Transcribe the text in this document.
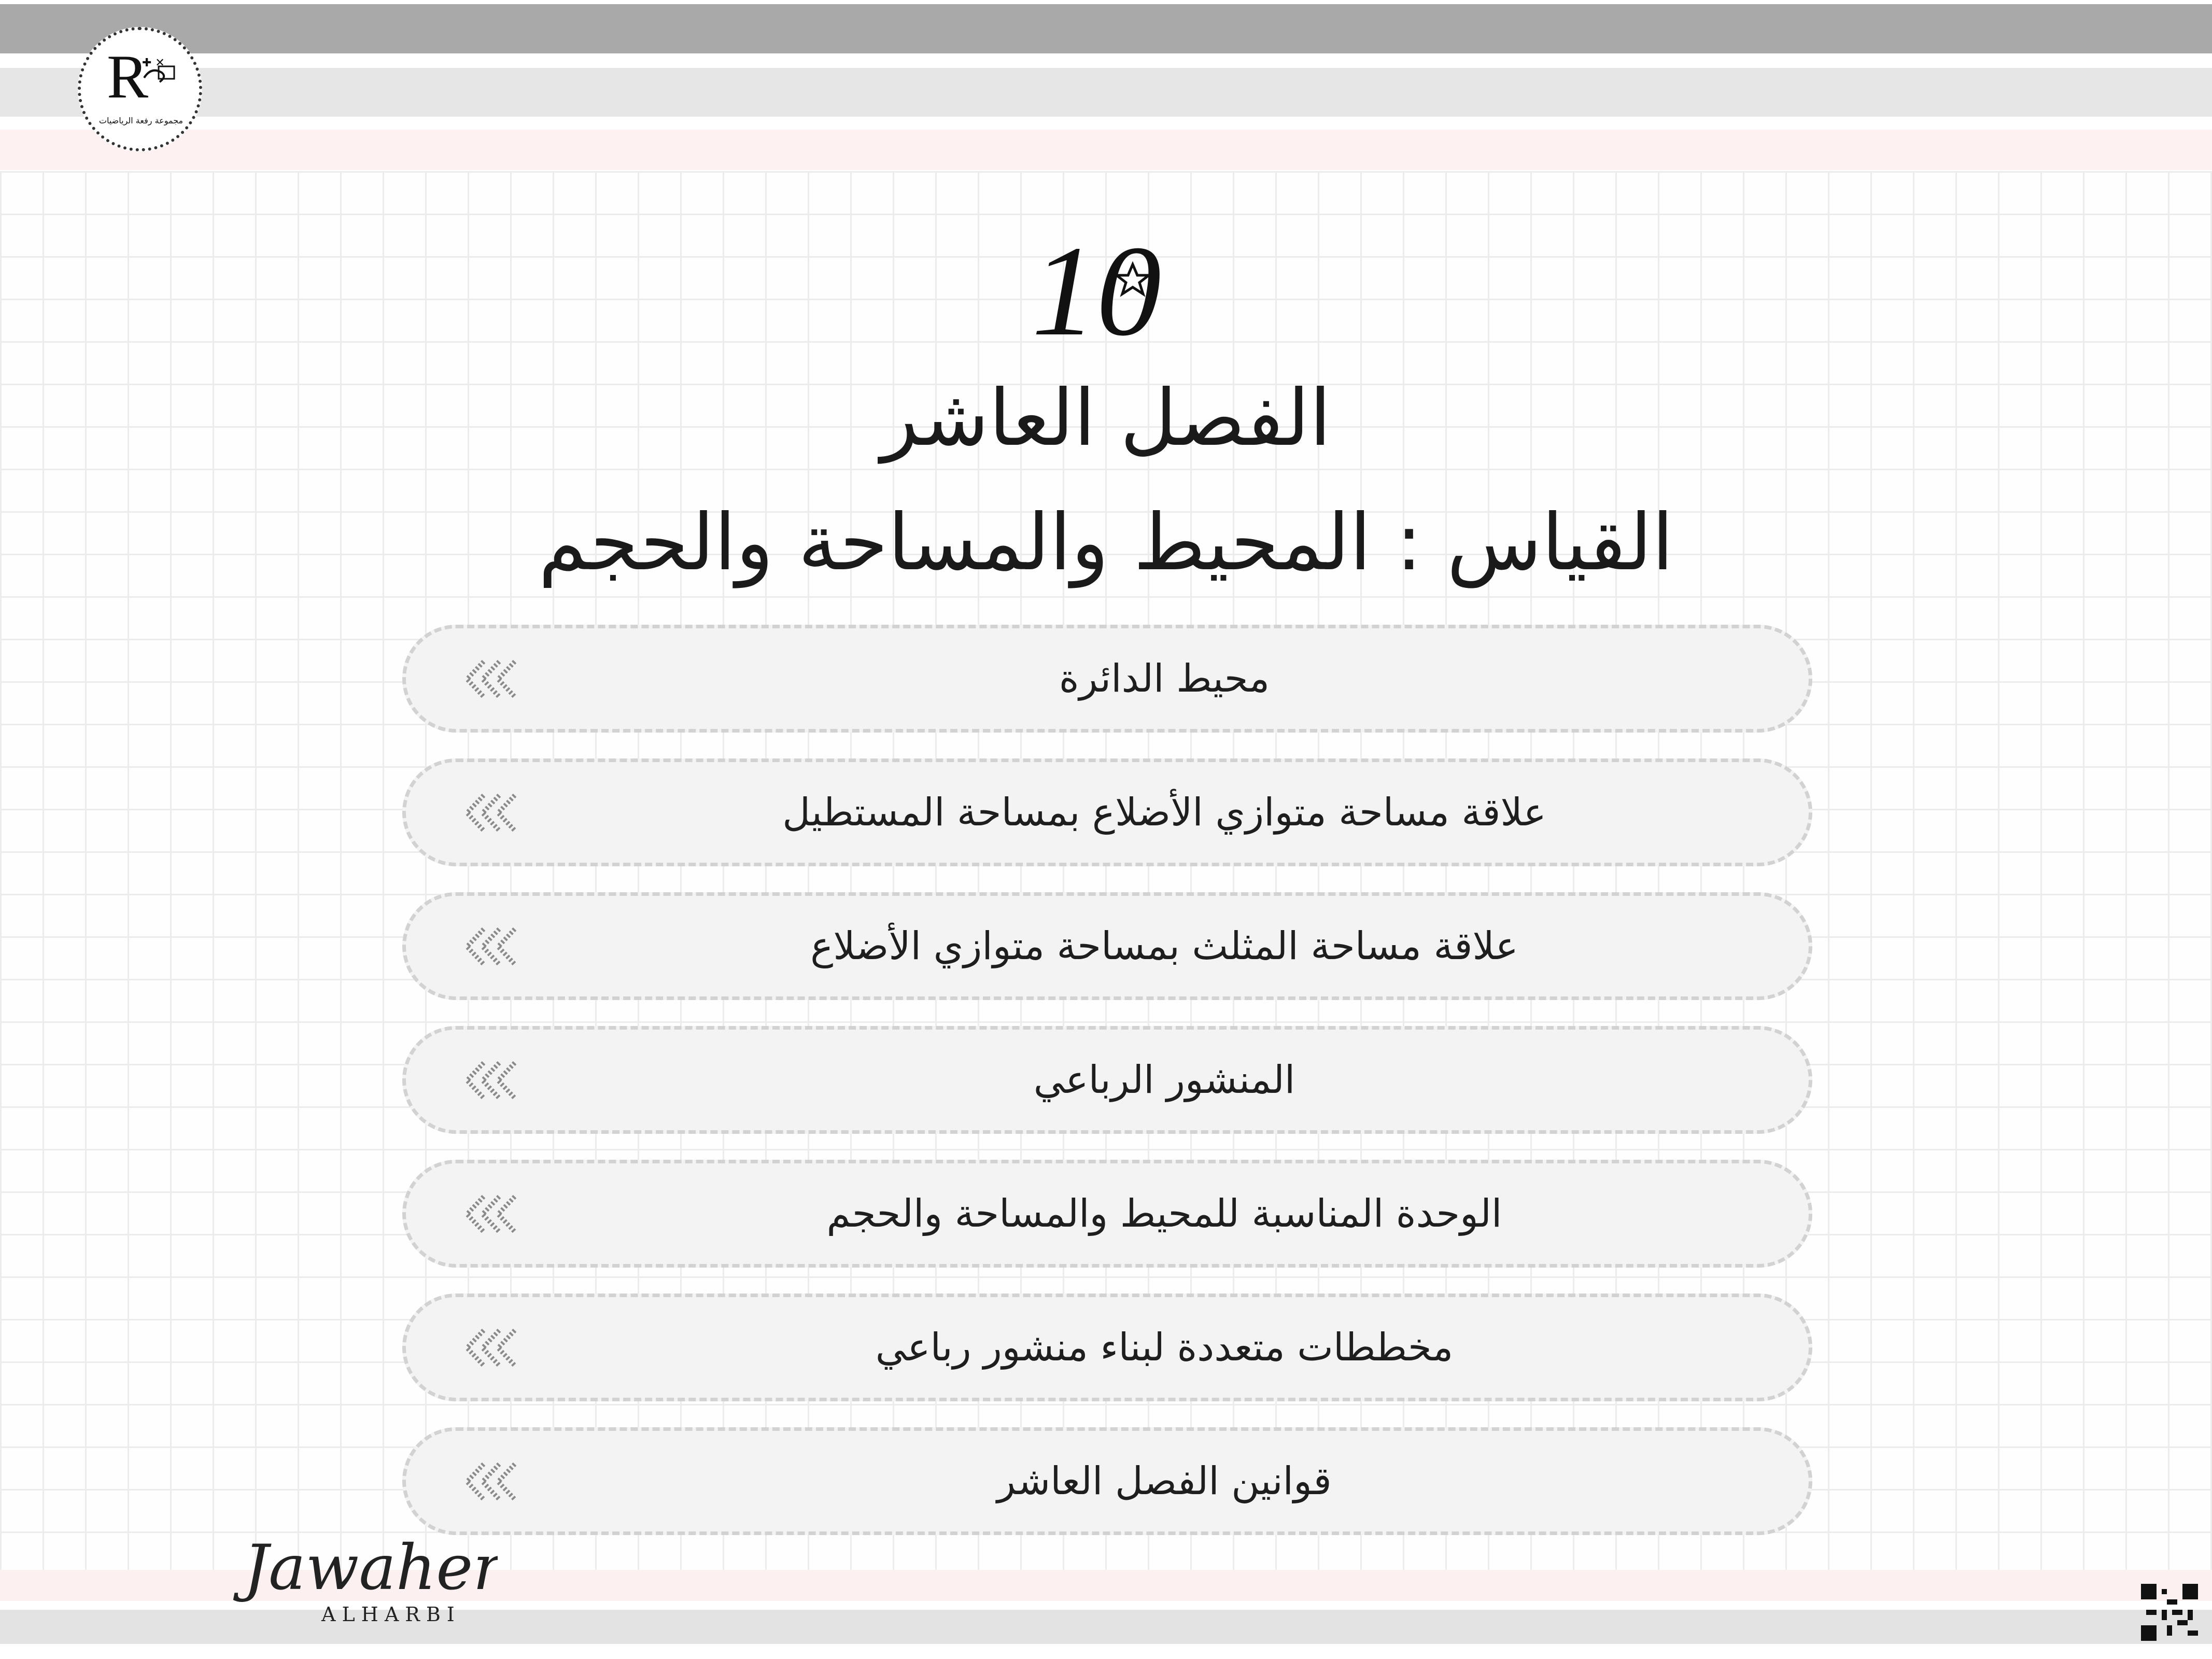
R
مجموعة رفعة الرياضيات
✚ ✕
10
الفصل العاشر
القياس : المحيط والمساحة والحجم
محيط الدائرة
علاقة مساحة متوازي الأضلاع بمساحة المستطيل
علاقة مساحة المثلث بمساحة متوازي الأضلاع
المنشور الرباعي
الوحدة المناسبة للمحيط والمساحة والحجم
مخططات متعددة لبناء منشور رباعي
قوانين الفصل العاشر
Jawaher
ALHARBI
